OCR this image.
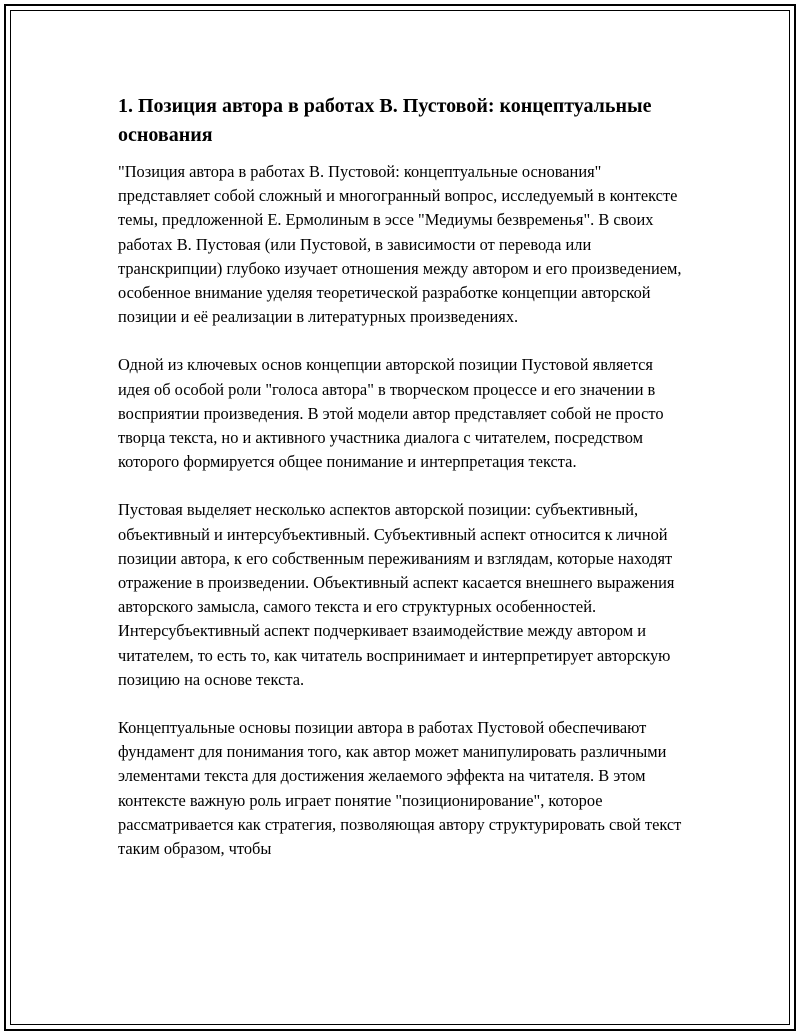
1. Позиция автора в работах В. Пустовой: концептуальные основания

"Позиция автора в работах В. Пустовой: концептуальные основания" представляет собой сложный и многогранный вопрос, исследуемый в контексте темы, предложенной Е. Ермолиным в эссе "Медиумы безвременья". В своих работах В. Пустовая (или Пустовой, в зависимости от перевода или транскрипции) глубоко изучает отношения между автором и его произведением, особенное внимание уделяя теоретической разработке концепции авторской позиции и её реализации в литературных произведениях.

Одной из ключевых основ концепции авторской позиции Пустовой является идея об особой роли "голоса автора" в творческом процессе и его значении в восприятии произведения. В этой модели автор представляет собой не просто творца текста, но и активного участника диалога с читателем, посредством которого формируется общее понимание и интерпретация текста.

Пустовая выделяет несколько аспектов авторской позиции: субъективный, объективный и интерсубъективный. Субъективный аспект относится к личной позиции автора, к его собственным переживаниям и взглядам, которые находят отражение в произведении. Объективный аспект касается внешнего выражения авторского замысла, самого текста и его структурных особенностей. Интерсубъективный аспект подчеркивает взаимодействие между автором и читателем, то есть то, как читатель воспринимает и интерпретирует авторскую позицию на основе текста.

Концептуальные основы позиции автора в работах Пустовой обеспечивают фундамент для понимания того, как автор может манипулировать различными элементами текста для достижения желаемого эффекта на читателя. В этом контексте важную роль играет понятие "позиционирование", которое рассматривается как стратегия, позволяющая автору структурировать свой текст таким образом, чтобы
